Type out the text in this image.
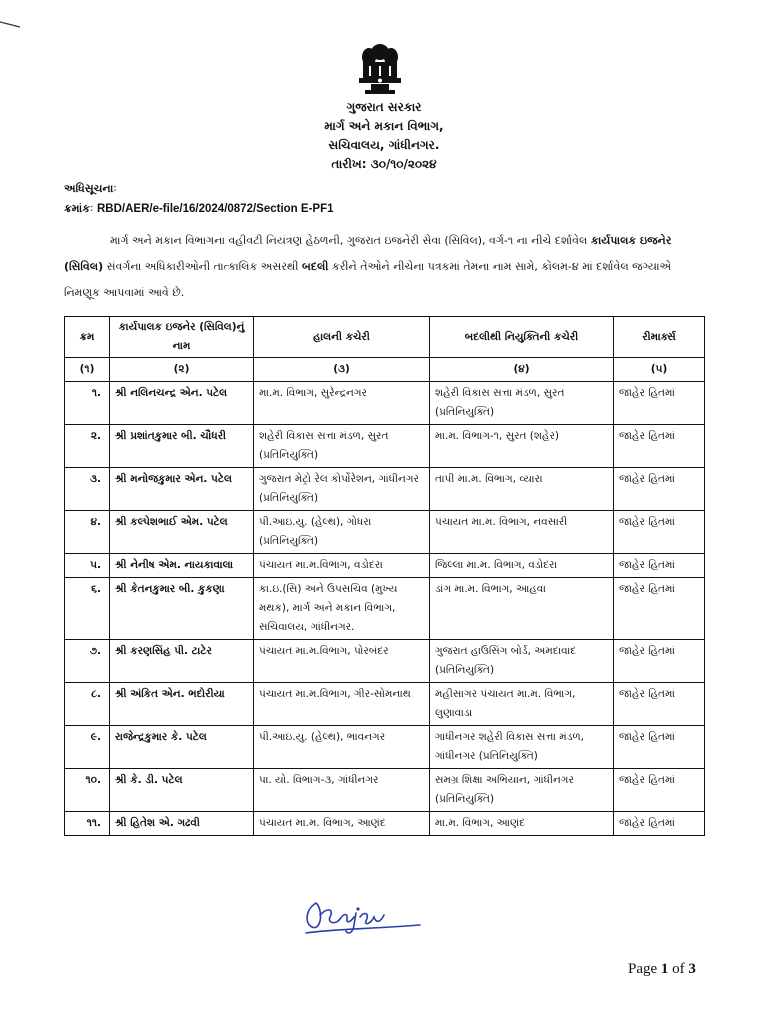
ગુજરાત સરકાર
માર્ગ અને મકાન વિભાગ,
સચિવાલય, ગાંધીનગર.
તારીખ: ૩૦/૧૦/૨૦૨૪
અધિસૂચનાઃ
ક્રમાંકઃ RBD/AER/e-file/16/2024/0872/Section E-PF1

માર્ગ અને મકાન વિભાગના વહીવટી નિયંત્રણ હેઠળની, ગુજરાત ઇજનેરી સેવા (સિવિલ), વર્ગ-૧ ના નીચે દર્શાવેલ કાર્યપાલક ઇજનેર (સિવિલ) સંવર્ગના અધિકારીઓની તાત્કાલિક અસરથી બદલી કરીને તેઓને નીચેના પત્રકમાં તેમના નામ સામે, કોલમ-૪ માં દર્શાવેલ જગ્યાએ નિમણૂક આપવામાં આવે છે.

ક્રમ	કાર્યપાલક ઇજનેર (સિવિલ)નું નામ	હાલની કચેરી	બદલીથી નિયુક્તિની કચેરી	રીમાર્ક્સ
(૧)	(૨)	(૩)	(૪)	(૫)
૧.	શ્રી નલિનચન્દ્ર એન. પટેલ	મા.મ. વિભાગ, સુરેન્દ્રનગર	શહેરી વિકાસ સત્તા મંડળ, સુરત (પ્રતિનિયુક્તિ)	જાહેર હિતમાં
૨.	શ્રી પ્રશાંતકુમાર બી. ચૌધરી	શહેરી વિકાસ સત્તા મંડળ, સુરત (પ્રતિનિયુક્તિ)	મા.મ. વિભાગ-૧, સુરત (શહેર)	જાહેર હિતમાં
૩.	શ્રી મનોજકુમાર એન. પટેલ	ગુજરાત મેટ્રો રેલ કોર્પોરેશન, ગાંધીનગર (પ્રતિનિયુક્તિ)	તાપી મા.મ. વિભાગ, વ્યારા	જાહેર હિતમાં
૪.	શ્રી કલ્પેશભાઈ એમ. પટેલ	પી.આઇ.યુ. (હેલ્થ), ગોધરા (પ્રતિનિયુક્તિ)	પંચાયત મા.મ. વિભાગ, નવસારી	જાહેર હિતમાં
૫.	શ્રી નેનીષ એમ. નાયકાવાલા	પંચાયત મા.મ.વિભાગ, વડોદરા	જિલ્લા મા.મ. વિભાગ, વડોદરા	જાહેર હિતમાં
૬.	શ્રી કેતનકુમાર બી. કુકણા	કા.ઇ.(સિ) અને ઉપસચિવ (મુખ્ય મથક), માર્ગ અને મકાન વિભાગ, સચિવાલય, ગાંધીનગર.	ડાંગ મા.મ. વિભાગ, આહવા	જાહેર હિતમાં
૭.	શ્રી કરણસિંહ પી. ટાટેર	પંચાયત મા.મ.વિભાગ, પોરબંદર	ગુજરાત હાઉસિંગ બોર્ડ, અમદાવાદ (પ્રતિનિયુક્તિ)	જાહેર હિતમાં
૮.	શ્રી અંકિત એન. ભદોરીયા	પંચાયત મા.મ.વિભાગ, ગીર-સોમનાથ	મહીસાગર પંચાયત મા.મ. વિભાગ, લુણાવાડા	જાહેર હિતમાં
૯.	રાજેન્દ્રકુમાર કે. પટેલ	પી.આઇ.યુ. (હેલ્થ), ભાવનગર	ગાંધીનગર શહેરી વિકાસ સત્તા મંડળ, ગાંધીનગર (પ્રતિનિયુક્તિ)	જાહેર હિતમાં
૧૦.	શ્રી કે. ડી. પટેલ	પા. યો. વિભાગ-૩, ગાંધીનગર	સમગ્ર શિક્ષા અભિયાન, ગાંધીનગર (પ્રતિનિયુક્તિ)	જાહેર હિતમાં
૧૧.	શ્રી હિતેશ એ. ગઢવી	પંચાયત મા.મ. વિભાગ, આણંદ	મા.મ. વિભાગ, આણંદ	જાહેર હિતમાં
Page 1 of 3
